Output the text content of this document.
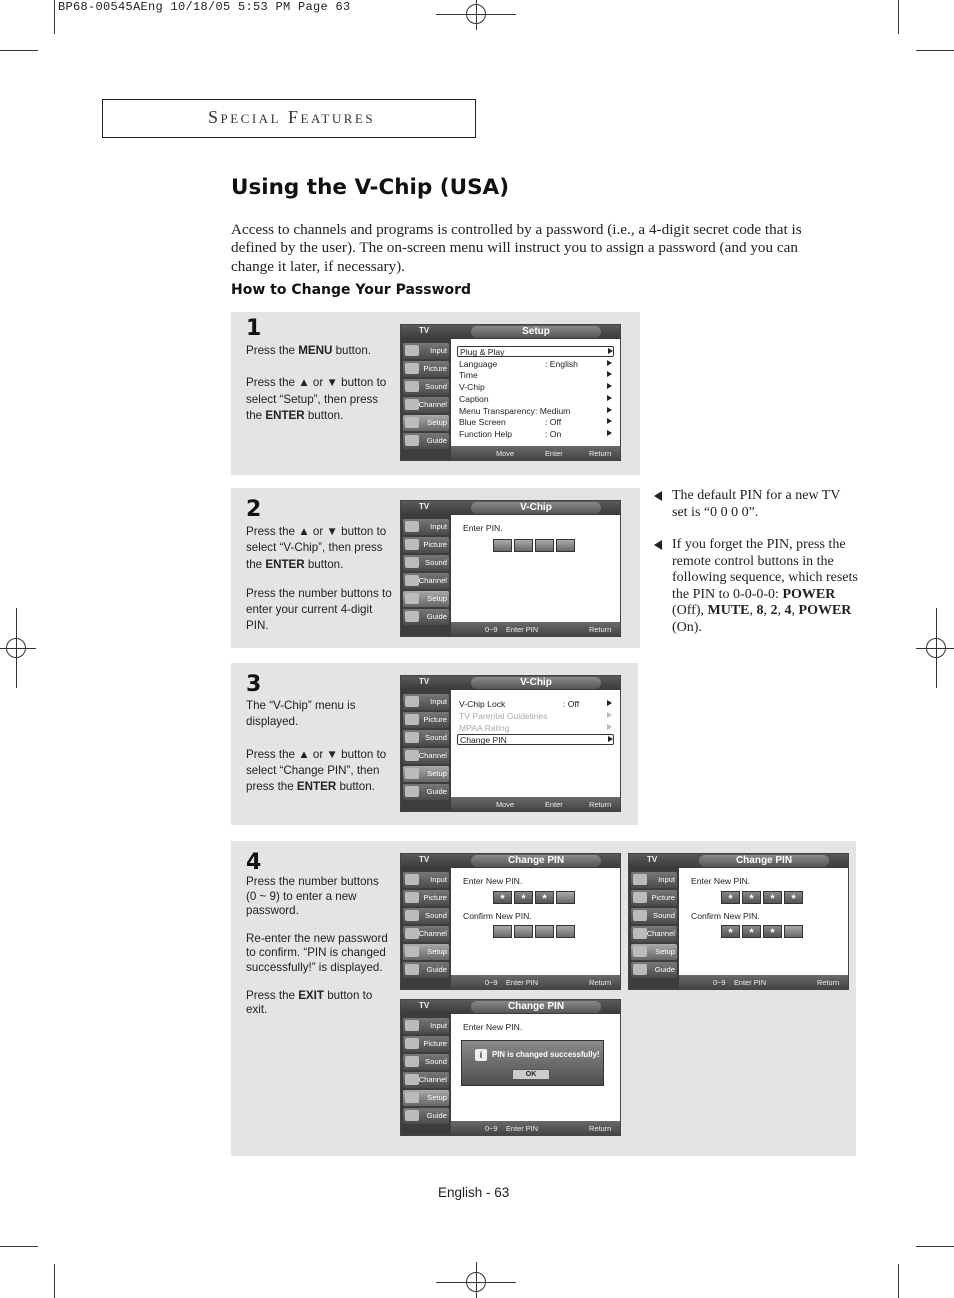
BP68-00545AEng 10/18/05 5:53 PM Page 63
Special Features
Using the V-Chip (USA)

Access to channels and programs is controlled by a password (i.e., a 4-digit secret code that is defined by the user). The on-screen menu will instruct you to assign a password (and you can change it later, if necessary).

How to Change Your Password
1

Press the MENU button.

Press the ▲ or ▼ button to select “Setup”, then press the ENTER button.

TV	Setup
Input
Picture
Sound
Channel
Setup
Guide
Plug & Play
Language	: English
Time
V-Chip
Caption
Menu Transparency: Medium
Blue Screen	: Off
Function Help	: On
Move	Enter	Return
2

Press the ▲ or ▼ button to select “V-Chip”, then press the ENTER button.

Press the number buttons to enter your current 4-digit PIN.

TV	V-Chip
Input
Picture
Sound
Channel
Setup
Guide
Enter PIN.
0~9 Enter PIN	Return
The default PIN for a new TV set is “0 0 0 0”.
If you forget the PIN, press the remote control buttons in the following sequence, which resets the PIN to 0-0-0-0: POWER (Off), MUTE, 8, 2, 4, POWER (On).
3

The “V-Chip” menu is displayed.

Press the ▲ or ▼ button to select “Change PIN”, then press the ENTER button.

TV	V-Chip
Input
Picture
Sound
Channel
Setup
Guide
V-Chip Lock	: Off
TV Parental Guidelines
MPAA Rating
Change PIN
Move	Enter	Return
4

Press the number buttons (0 ~ 9) to enter a new password.

Re-enter the new password to confirm. “PIN is changed successfully!” is displayed.

Press the EXIT button to exit.

TV	Change PIN
Input
Picture
Sound
Channel
Setup
Guide
Enter New PIN.
*	*	*
Confirm New PIN.
0~9 Enter PIN	Return
TV	Change PIN
Input
Picture
Sound
Channel
Setup
Guide
Enter New PIN.
*	*	*	*
Confirm New PIN.
*	*	*
0~9 Enter PIN	Return
TV	Change PIN
Input
Picture
Sound
Channel
Setup
Guide
Enter New PIN.
i	PIN is changed successfully!
OK
0~9 Enter PIN	Return
English - 63
